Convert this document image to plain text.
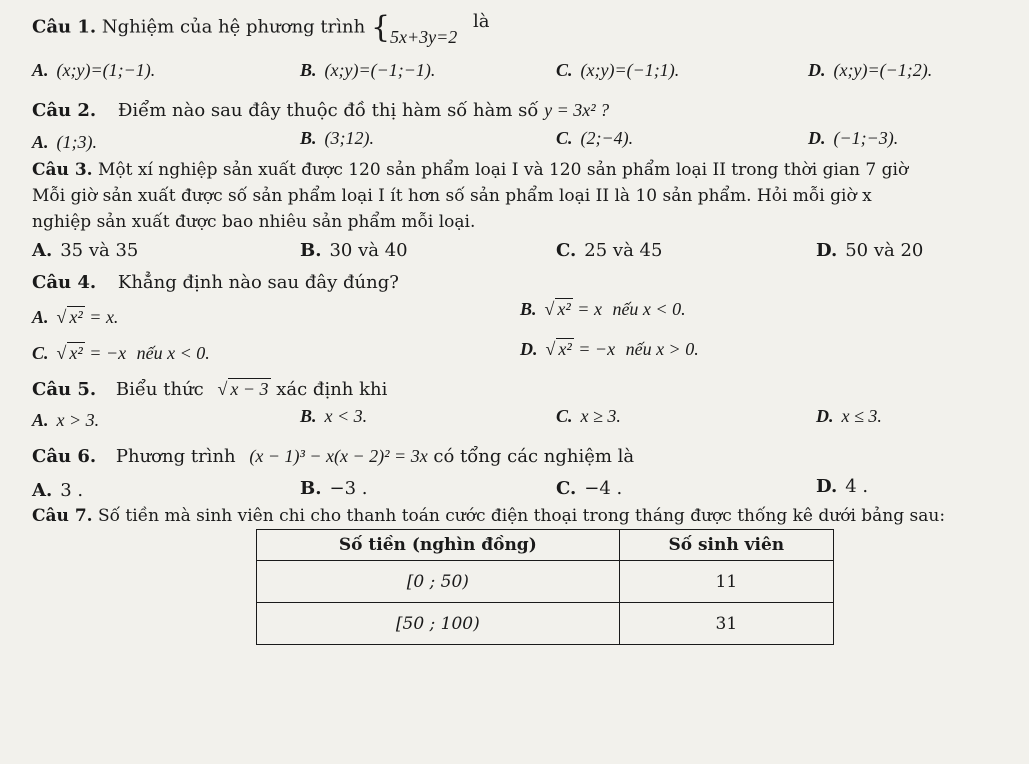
Câu 1. Nghiệm của hệ phương trình {5x+3y=2 là
A. (x;y)=(1;−1).	B. (x;y)=(−1;−1).	C. (x;y)=(−1;1).	D. (x;y)=(−1;2).
Câu 2. Điểm nào sau đây thuộc đồ thị hàm số hàm số y = 3x² ?
A. (1;3).	B. (3;12).	C. (2;−4).	D. (−1;−3).
Câu 3. Một xí nghiệp sản xuất được 120 sản phẩm loại I và 120 sản phẩm loại II trong thời gian 7 giờ
Mỗi giờ sản xuất được số sản phẩm loại I ít hơn số sản phẩm loại II là 10 sản phẩm. Hỏi mỗi giờ x
nghiệp sản xuất được bao nhiêu sản phẩm mỗi loại.
A. 35 và 35	B. 30 và 40	C. 25 và 45	D. 50 và 20
Câu 4. Khẳng định nào sau đây đúng?
A. √ x² = x.	B. √ x² = x nếu x < 0.
C. √ x² = −x nếu x < 0.	D. √ x² = −x nếu x > 0.
Câu 5. Biểu thức √ x − 3 xác định khi
A. x > 3.	B. x < 3.	C. x ≥ 3.	D. x ≤ 3.
Câu 6. Phương trình (x − 1)³ − x(x − 2)² = 3x có tổng các nghiệm là
A. 3 .	B. −3 .	C. −4 .	D. 4 .
Câu 7. Số tiền mà sinh viên chi cho thanh toán cước điện thoại trong tháng được thống kê dưới bảng sau:
Số tiền (nghìn đồng)	Số sinh viên
[0 ; 50)	11
[50 ; 100)	31
